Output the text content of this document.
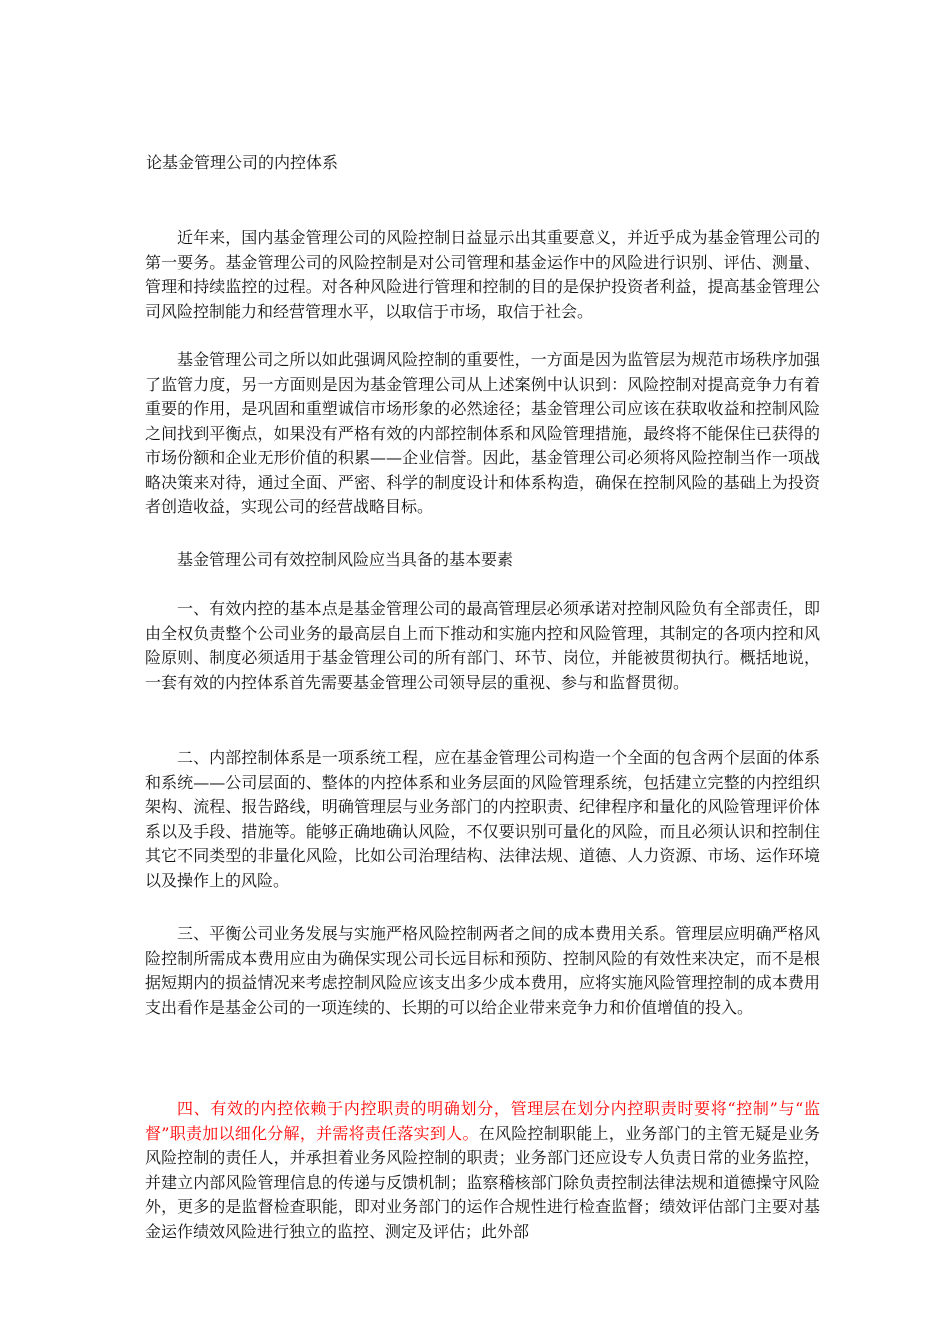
论基金管理公司的内控体系

近年来，国内基金管理公司的风险控制日益显示出其重要意义，并近乎成为基金管理公司的第一要务。基金管理公司的风险控制是对公司管理和基金运作中的风险进行识别、评估、测量、管理和持续监控的过程。对各种风险进行管理和控制的目的是保护投资者利益，提高基金管理公司风险控制能力和经营管理水平，以取信于市场，取信于社会。

基金管理公司之所以如此强调风险控制的重要性，一方面是因为监管层为规范市场秩序加强了监管力度，另一方面则是因为基金管理公司从上述案例中认识到：风险控制对提高竞争力有着重要的作用，是巩固和重塑诚信市场形象的必然途径；基金管理公司应该在获取收益和控制风险之间找到平衡点，如果没有严格有效的内部控制体系和风险管理措施，最终将不能保住已获得的市场份额和企业无形价值的积累——企业信誉。因此，基金管理公司必须将风险控制当作一项战略决策来对待，通过全面、严密、科学的制度设计和体系构造，确保在控制风险的基础上为投资者创造收益，实现公司的经营战略目标。

基金管理公司有效控制风险应当具备的基本要素

一、有效内控的基本点是基金管理公司的最高管理层必须承诺对控制风险负有全部责任，即由全权负责整个公司业务的最高层自上而下推动和实施内控和风险管理，其制定的各项内控和风险原则、制度必须适用于基金管理公司的所有部门、环节、岗位，并能被贯彻执行。概括地说，一套有效的内控体系首先需要基金管理公司领导层的重视、参与和监督贯彻。

二、内部控制体系是一项系统工程，应在基金管理公司构造一个全面的包含两个层面的体系和系统——公司层面的、整体的内控体系和业务层面的风险管理系统，包括建立完整的内控组织架构、流程、报告路线，明确管理层与业务部门的内控职责、纪律程序和量化的风险管理评价体系以及手段、措施等。能够正确地确认风险，不仅要识别可量化的风险，而且必须认识和控制住其它不同类型的非量化风险，比如公司治理结构、法律法规、道德、人力资源、市场、运作环境以及操作上的风险。

三、平衡公司业务发展与实施严格风险控制两者之间的成本费用关系。管理层应明确严格风险控制所需成本费用应由为确保实现公司长远目标和预防、控制风险的有效性来决定，而不是根据短期内的损益情况来考虑控制风险应该支出多少成本费用，应将实施风险管理控制的成本费用支出看作是基金公司的一项连续的、长期的可以给企业带来竞争力和价值增值的投入。

四、有效的内控依赖于内控职责的明确划分，管理层在划分内控职责时要将“控制”与“监督”职责加以细化分解，并需将责任落实到人。在风险控制职能上，业务部门的主管无疑是业务风险控制的责任人，并承担着业务风险控制的职责；业务部门还应设专人负责日常的业务监控，并建立内部风险管理信息的传递与反馈机制；监察稽核部门除负责控制法律法规和道德操守风险外，更多的是监督检查职能，即对业务部门的运作合规性进行检查监督；绩效评估部门主要对基金运作绩效风险进行独立的监控、测定及评估；此外部
